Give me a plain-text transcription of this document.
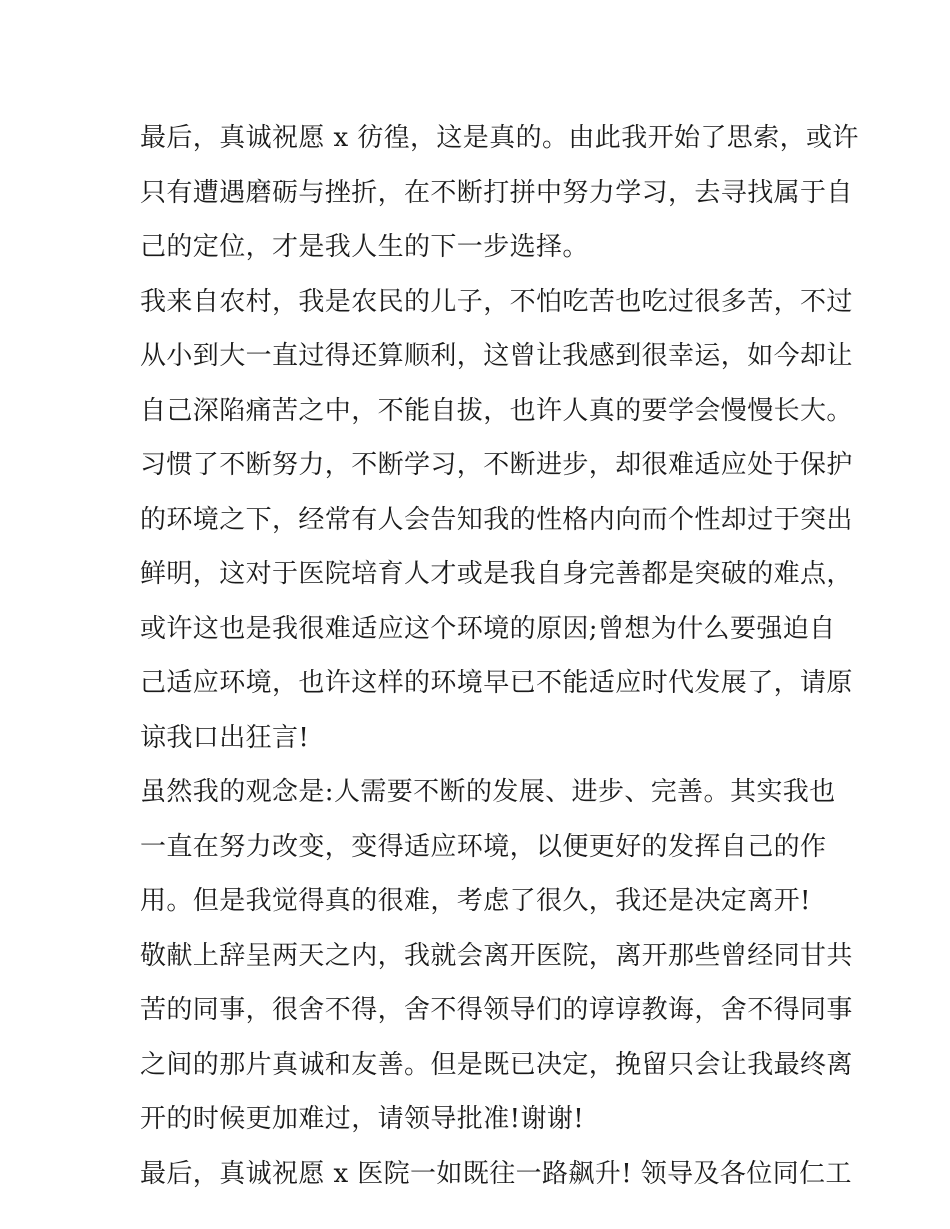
最后，真诚祝愿 x 彷徨，这是真的。由此我开始了思索，或许
只有遭遇磨砺与挫折，在不断打拼中努力学习，去寻找属于自
己的定位，才是我人生的下一步选择。
我来自农村，我是农民的儿子，不怕吃苦也吃过很多苦，不过
从小到大一直过得还算顺利，这曾让我感到很幸运，如今却让
自己深陷痛苦之中，不能自拔，也许人真的要学会慢慢长大。
习惯了不断努力，不断学习，不断进步，却很难适应处于保护
的环境之下，经常有人会告知我的性格内向而个性却过于突出
鲜明，这对于医院培育人才或是我自身完善都是突破的难点，
或许这也是我很难适应这个环境的原因;曾想为什么要强迫自
己适应环境，也许这样的环境早已不能适应时代发展了，请原
谅我口出狂言!
虽然我的观念是:人需要不断的发展、进步、完善。其实我也
一直在努力改变，变得适应环境，以便更好的发挥自己的作
用。但是我觉得真的很难，考虑了很久，我还是决定离开!
敬献上辞呈两天之内，我就会离开医院，离开那些曾经同甘共
苦的同事，很舍不得，舍不得领导们的谆谆教诲，舍不得同事
之间的那片真诚和友善。但是既已决定，挽留只会让我最终离
开的时候更加难过，请领导批准!谢谢!
最后，真诚祝愿 x 医院一如既往一路飙升! 领导及各位同仁工
